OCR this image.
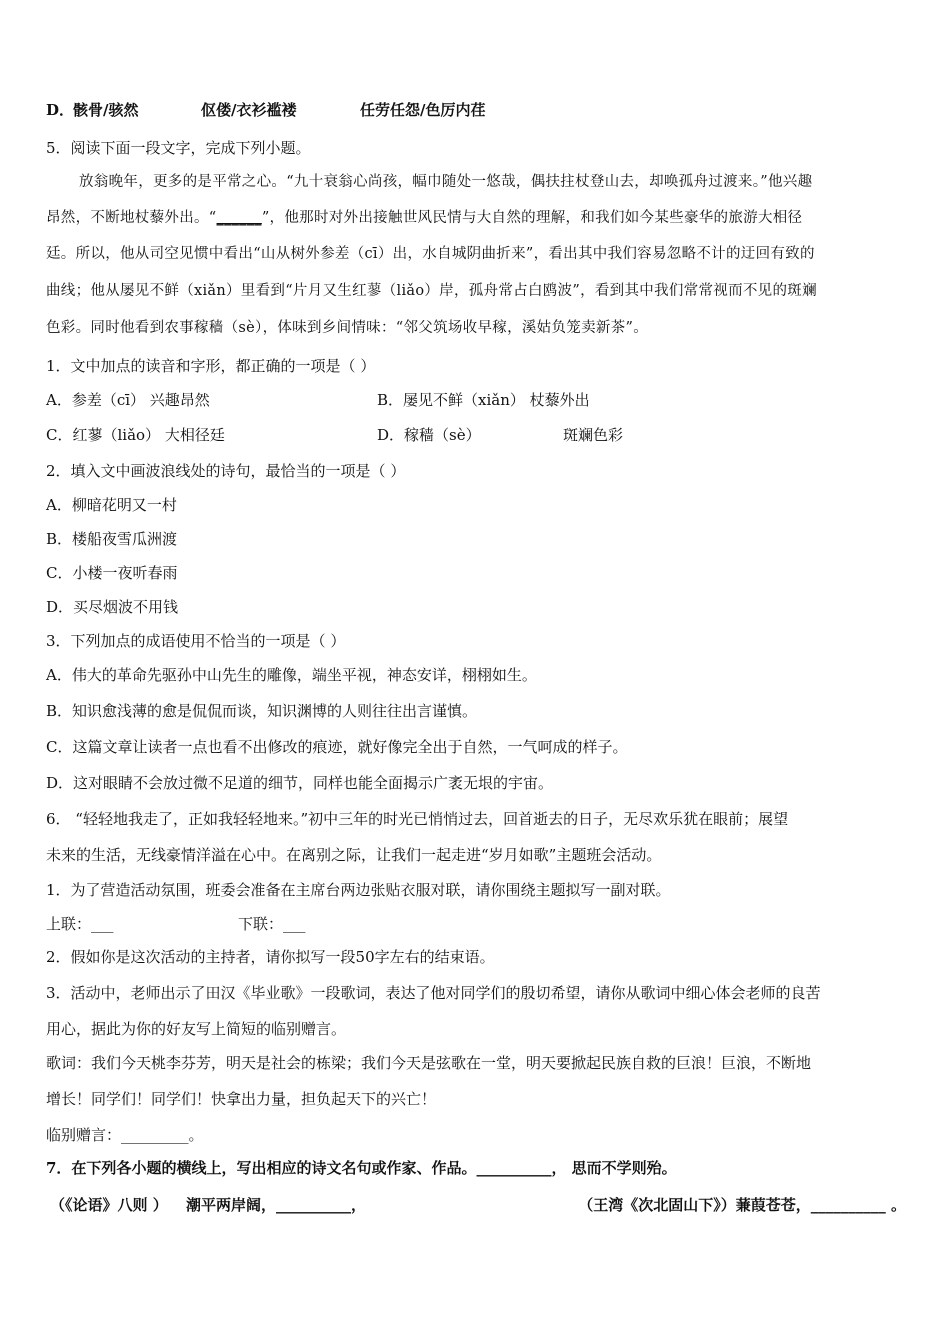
D．
骸骨/骇然	伛偻/衣衫褴褛	任劳任怨/色厉内荏
5．阅读下面一段文字，完成下列小题。
放翁晚年，更多的是平常之心。“九十衰翁心尚孩，幅巾随处一悠哉，偶扶拄杖登山去，却唤孤舟过渡来。”他兴趣
昂然，不断地杖藜外出。“______”，他那时对外出接触世风民情与大自然的理解，和我们如今某些豪华的旅游大相径
廷。所以，他从司空见惯中看出“山从树外参差（cī）出，水自城阴曲折来”，看出其中我们容易忽略不计的迂回有致的
曲线；他从屡见不鲜（xiǎn）里看到“片月又生红蓼（liǎo）岸，孤舟常占白鸥波”，看到其中我们常常视而不见的斑斓
色彩。同时他看到农事稼穑（sè），体味到乡间情味：“邻父筑场收早稼，溪姑负笼卖新茶”。
1．文中加点的读音和字形，都正确的一项是（ ）
A．参差（cī） 兴趣昂然	B．屡见不鲜（xiǎn） 杖藜外出
C．红蓼（liǎo） 大相径廷	D．稼穑（sè）	斑斓色彩
2．填入文中画波浪线处的诗句，最恰当的一项是（ ）
A．柳暗花明又一村
B．楼船夜雪瓜洲渡
C．小楼一夜听春雨
D．买尽烟波不用钱
3．下列加点的成语使用不恰当的一项是（ ）
A．伟大的革命先驱孙中山先生的雕像，端坐平视，神态安详，栩栩如生。
B．知识愈浅薄的愈是侃侃而谈，知识渊博的人则往往出言谨慎。
C．这篇文章让读者一点也看不出修改的痕迹，就好像完全出于自然，一气呵成的样子。
D．这对眼睛不会放过微不足道的细节，同样也能全面揭示广袤无垠的宇宙。
6． “轻轻地我走了，正如我轻轻地来。”初中三年的时光已悄悄过去，回首逝去的日子，无尽欢乐犹在眼前；展望
未来的生活，无线豪情洋溢在心中。在离别之际，让我们一起走进“岁月如歌”主题班会活动。
1．为了营造活动氛围，班委会准备在主席台两边张贴衣服对联，请你围绕主题拟写一副对联。
上联：___	下联：___
2．假如你是这次活动的主持者，请你拟写一段50字左右的结束语。
3．活动中，老师出示了田汉《毕业歌》一段歌词，表达了他对同学们的殷切希望，请你从歌词中细心体会老师的良苦
用心，据此为你的好友写上简短的临别赠言。
歌词：我们今天桃李芬芳，明天是社会的栋梁；我们今天是弦歌在一堂，明天要掀起民族自救的巨浪！巨浪，不断地
增长！同学们！同学们！快拿出力量，担负起天下的兴亡！
临别赠言：_________。
7．在下列各小题的横线上，写出相应的诗文名句或作家、作品。__________， 思而不学则殆。
（《论语》八则 ） 潮平两岸阔，__________，	（王湾《次北固山下》）蒹葭苍苍，__________ 。
